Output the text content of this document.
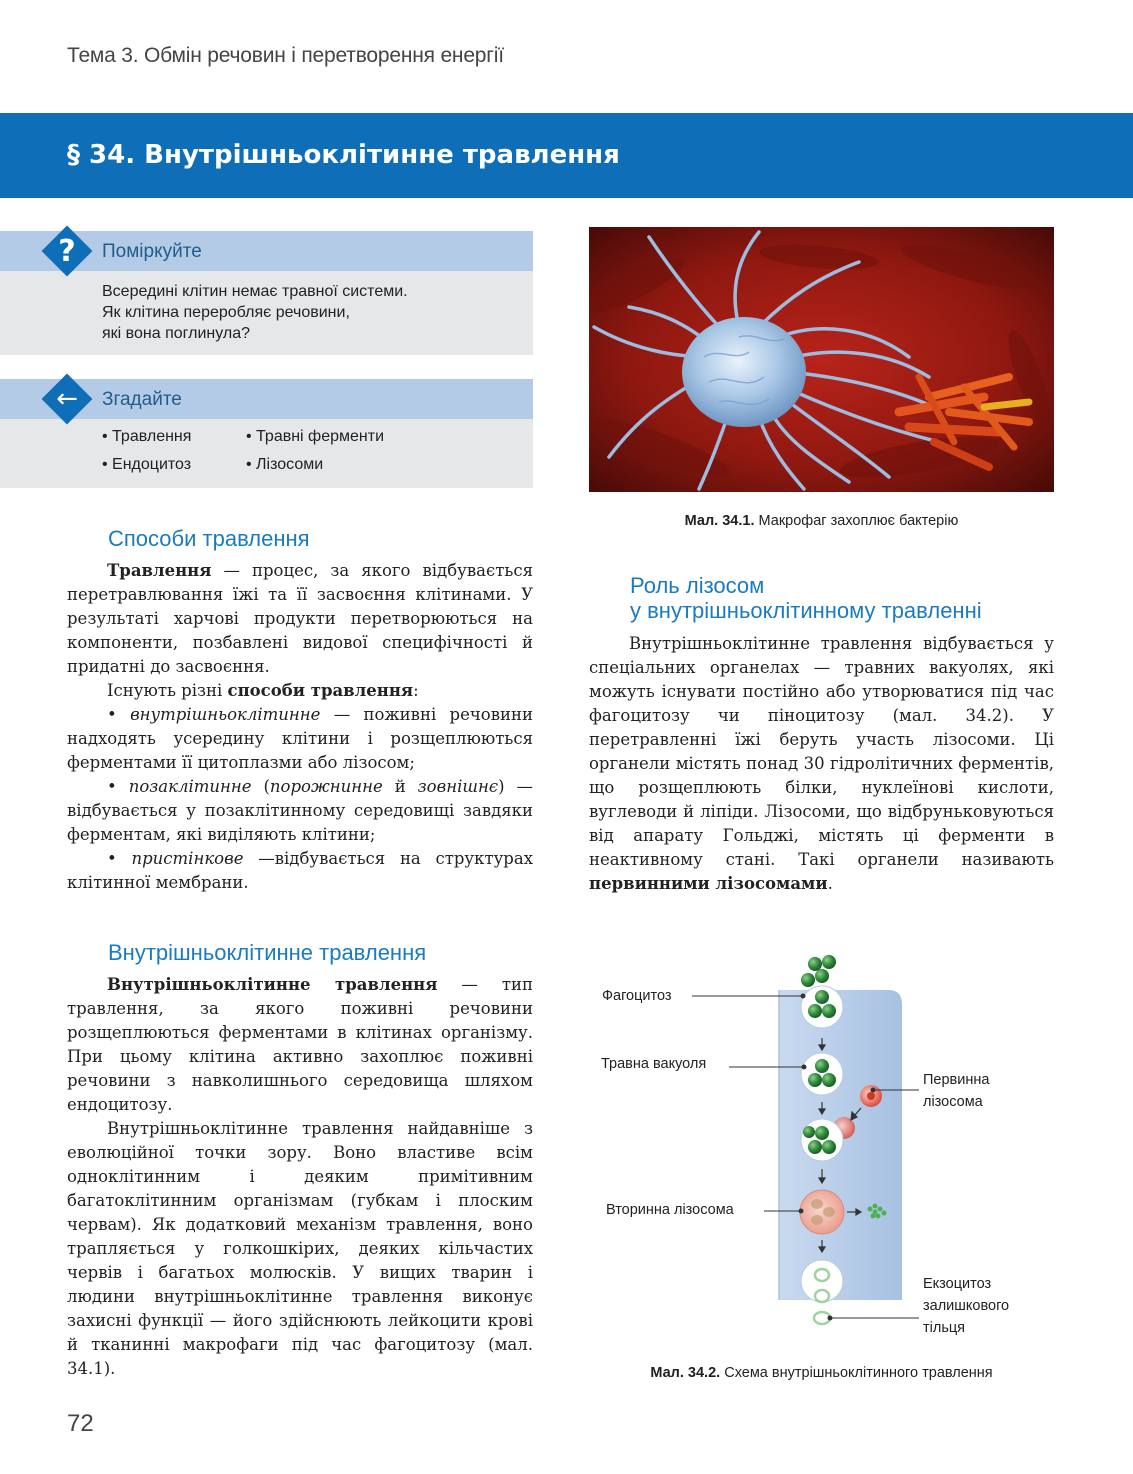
Тема 3. Обмін речовин і перетворення енергії
§ 34. Внутрішньоклітинне травлення
?	Поміркуйте
Всередині клітин немає травної системи.
Як клітина переробляє речовини,
які вона поглинула?
←	Згадайте
• Травлення	• Травні ферменти
• Ендоцитоз	• Лізосоми
Способи травлення

Травлення — процес, за якого відбувається перетравлювання їжі та її засвоєння клітинами. У результаті харчові продукти перетворюються на компоненти, позбавлені видової специфічності й придатні до засвоєння.

Існують різні способи травлення:

• внутрішньоклітинне — поживні речовини надходять усередину клітини і розщеплюються ферментами її цитоплазми або лізосом;

• позаклітинне (порожнинне й зовнішнє) — відбувається у позаклітинному середовищі завдяки ферментам, які виділяють клітини;

• пристінкове —відбувається на структурах клітинної мембрани.

Внутрішньоклітинне травлення

Внутрішньоклітинне травлення — тип травлення, за якого поживні речовини розщеплюються ферментами в клітинах організму. При цьому клітина активно захоплює поживні речовини з навколишнього середовища шляхом ендоцитозу.

Внутрішньоклітинне травлення найдавніше з еволюційної точки зору. Воно властиве всім одноклітинним і деяким примітивним багатоклітинним організмам (губкам і плоским червам). Як додатковий механізм травлення, воно трапляється у голкошкірих, деяких кільчастих червів і багатьох молюсків. У вищих тварин і людини внутрішньоклітинне травлення виконує захисні функції — його здійснюють лейкоцити крові й тканинні макрофаги під час фагоцитозу (мал. 34.1).

Мал. 34.1. Макрофаг захоплює бактерію
Роль лізосом
у внутрішньоклітинному травленні

Внутрішньоклітинне травлення відбувається у спеціальних органелах — травних вакуолях, які можуть існувати постійно або утворюватися під час фагоцитозу чи піноцитозу (мал. 34.2). У перетравленні їжі беруть участь лізосоми. Ці органели містять понад 30 гідролітичних ферментів, що розщеплюють білки, нуклеїнові кислоти, вуглеводи й ліпіди. Лізосоми, що відбруньковуються від апарату Гольджі, містять ці ферменти в неактивному стані. Такі органели називають первинними лізосомами.

Фагоцитоз
Травна вакуоля
Первинна
лізосома
Вторинна лізосома
Екзоцитоз
залишкового
тільця
Мал. 34.2. Схема внутрішньоклітинного травлення
72
